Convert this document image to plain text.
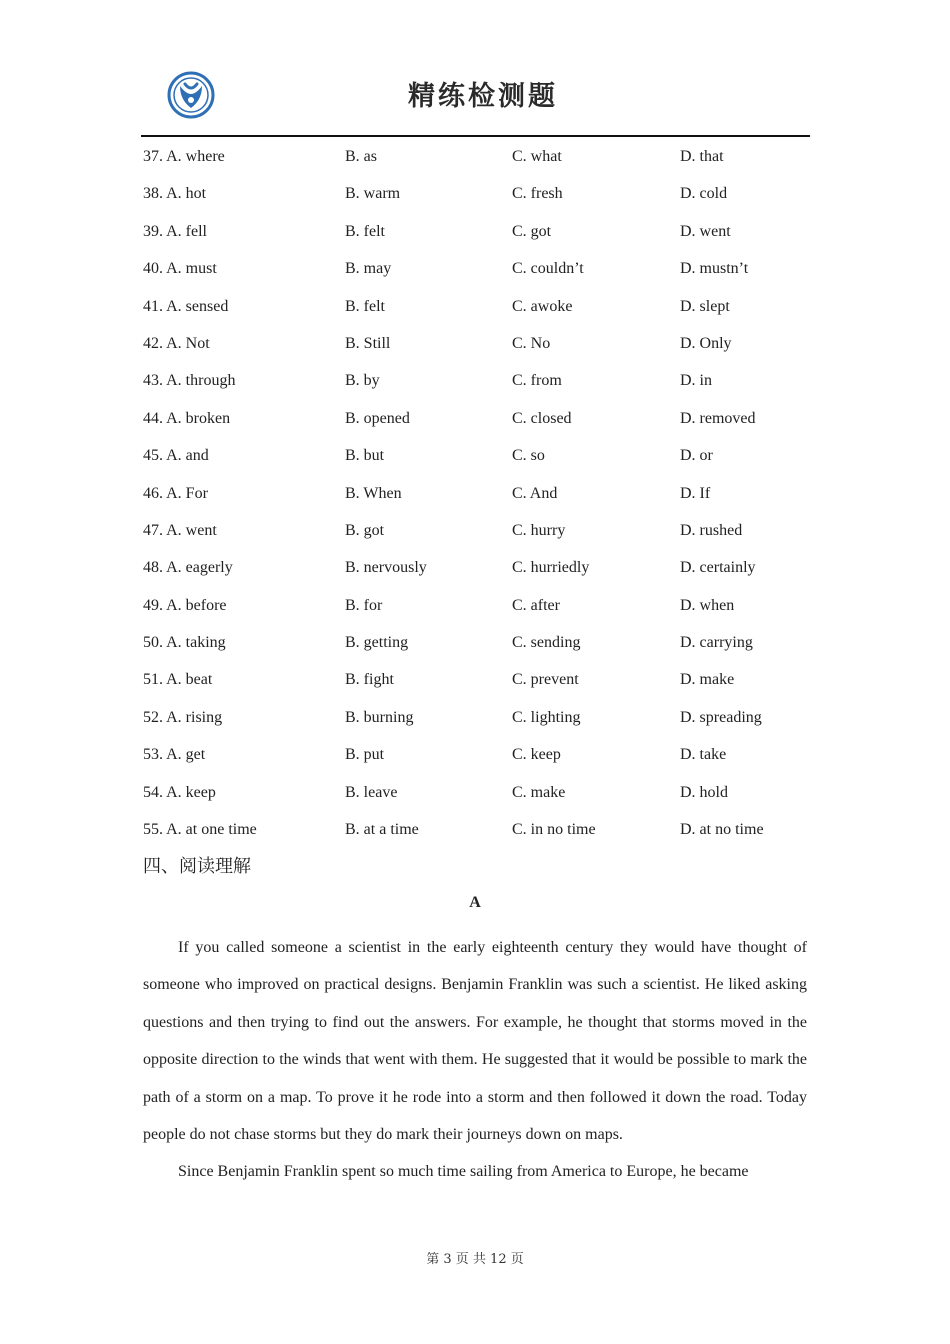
精练检测题
37. A. where	B. as	C. what	D. that
38. A. hot	B. warm	C. fresh	D. cold
39. A. fell	B. felt	C. got	D. went
40. A. must	B. may	C. couldn’t	D. mustn’t
41. A. sensed	B. felt	C. awoke	D. slept
42. A. Not	B. Still	C. No	D. Only
43. A. through	B. by	C. from	D. in
44. A. broken	B. opened	C. closed	D. removed
45. A. and	B. but	C. so	D. or
46. A. For	B. When	C. And	D. If
47. A. went	B. got	C. hurry	D. rushed
48. A. eagerly	B. nervously	C. hurriedly	D. certainly
49. A. before	B. for	C. after	D. when
50. A. taking	B. getting	C. sending	D. carrying
51. A. beat	B. fight	C. prevent	D. make
52. A. rising	B. burning	C. lighting	D. spreading
53. A. get	B. put	C. keep	D. take
54. A. keep	B. leave	C. make	D. hold
55. A. at one time	B. at a time	C. in no time	D. at no time
四、阅读理解
A

If you called someone a scientist in the early eighteenth century they would have thought of someone who improved on practical designs. Benjamin Franklin was such a scientist. He liked asking questions and then trying to find out the answers. For example, he thought that storms moved in the opposite direction to the winds that went with them. He suggested that it would be possible to mark the path of a storm on a map. To prove it he rode into a storm and then followed it down the road. Today people do not chase storms but they do mark their journeys down on maps.

Since Benjamin Franklin spent so much time sailing from America to Europe, he became

第 3 页 共 12 页
